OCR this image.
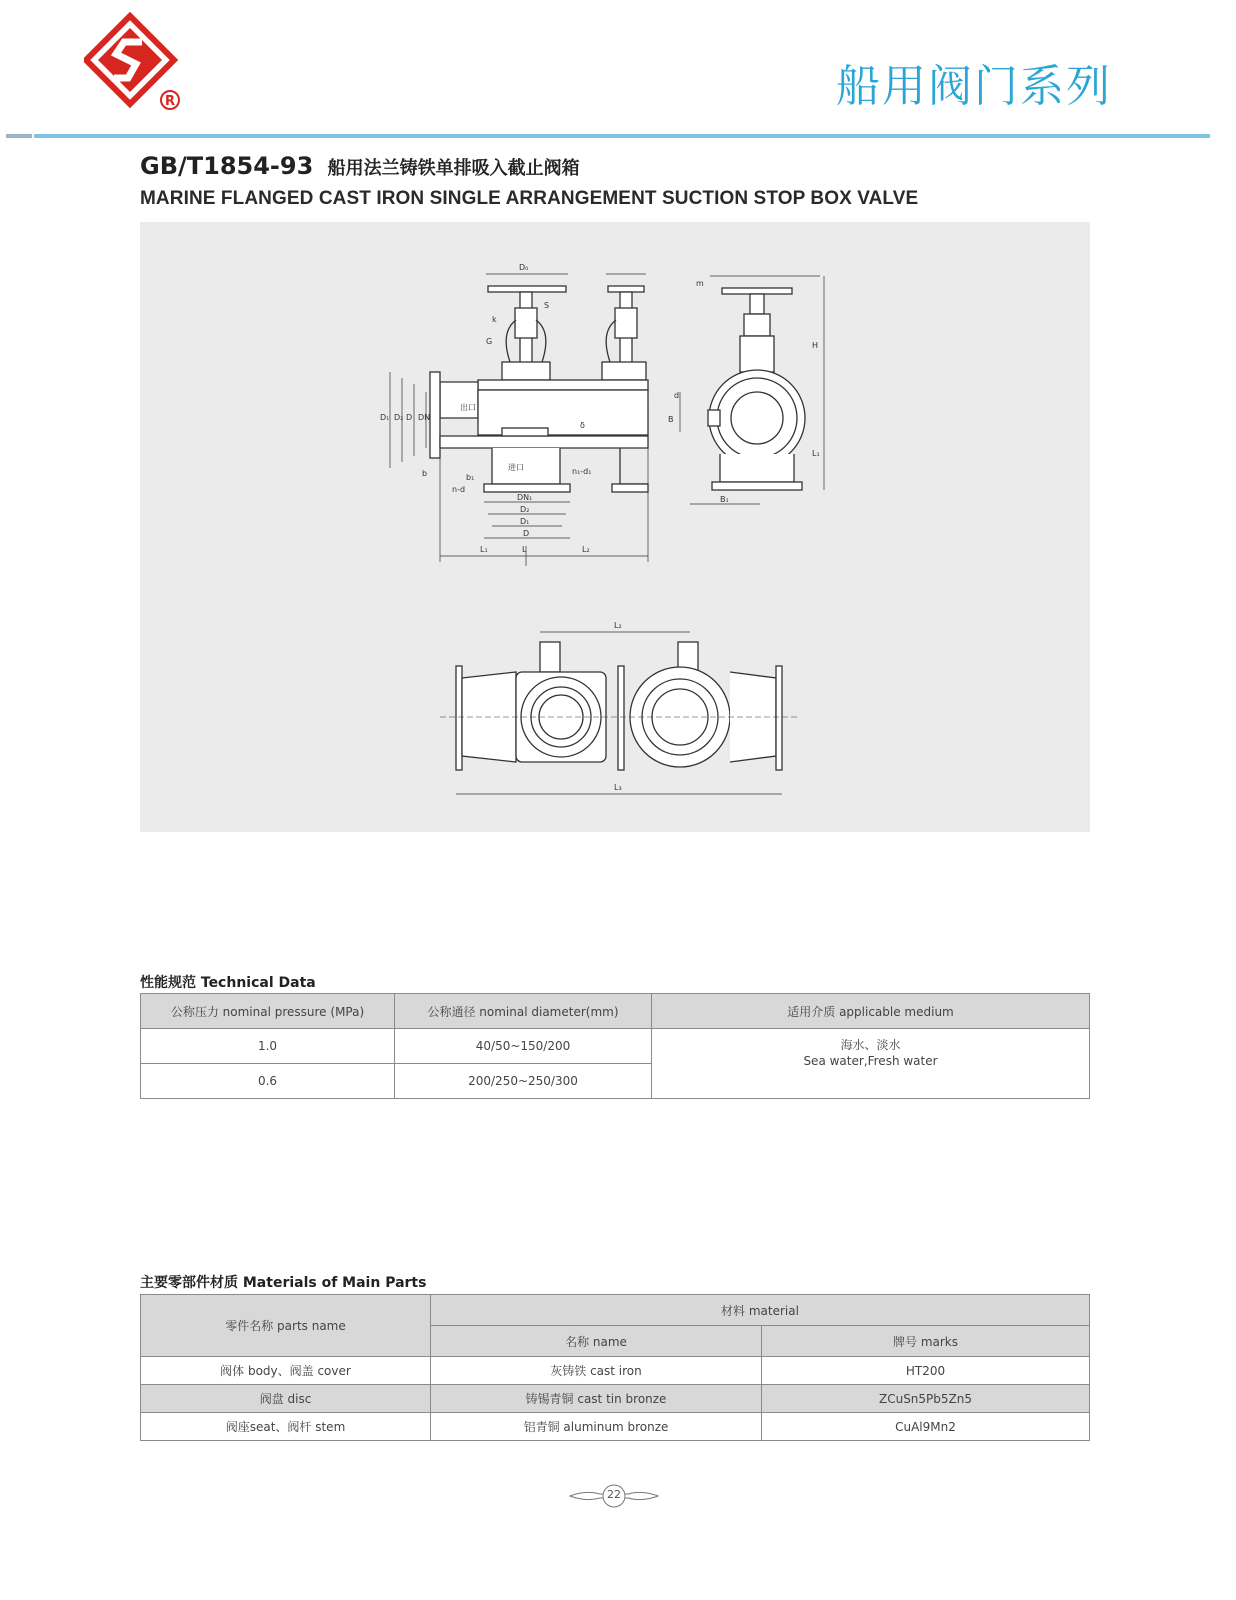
R	船用阀门系列
GB/T1854-93 船用法兰铸铁单排吸入截止阀箱
MARINE FLANGED CAST IRON SINGLE ARRANGEMENT SUCTION STOP BOX VALVE
D₀
S
k
G
D₁ D₂ D DN
出口
进口
b	b₁
n-d
n₁-d₁
DN₁
D₂
D₁
D
L₁	L	L₂
δ
m
H
d
B
L₁
B₁
L₂
L₃
性能规范 Technical Data
公称压力 nominal pressure (MPa)	公称通径 nominal diameter(mm)	适用介质 applicable medium
1.0	40/50~150/200	海水、淡水
Sea water,Fresh water

0.6	200/250~250/300	
主要零部件材质 Materials of Main Parts
零件名称 parts name	材料 material	
	名称 name	牌号 marks
阀体 body、阀盖 cover	灰铸铁 cast iron	HT200
阀盘 disc	铸锡青铜 cast tin bronze	ZCuSn5Pb5Zn5
阀座seat、阀杆 stem	铝青铜 aluminum bronze	CuAl9Mn2
22
